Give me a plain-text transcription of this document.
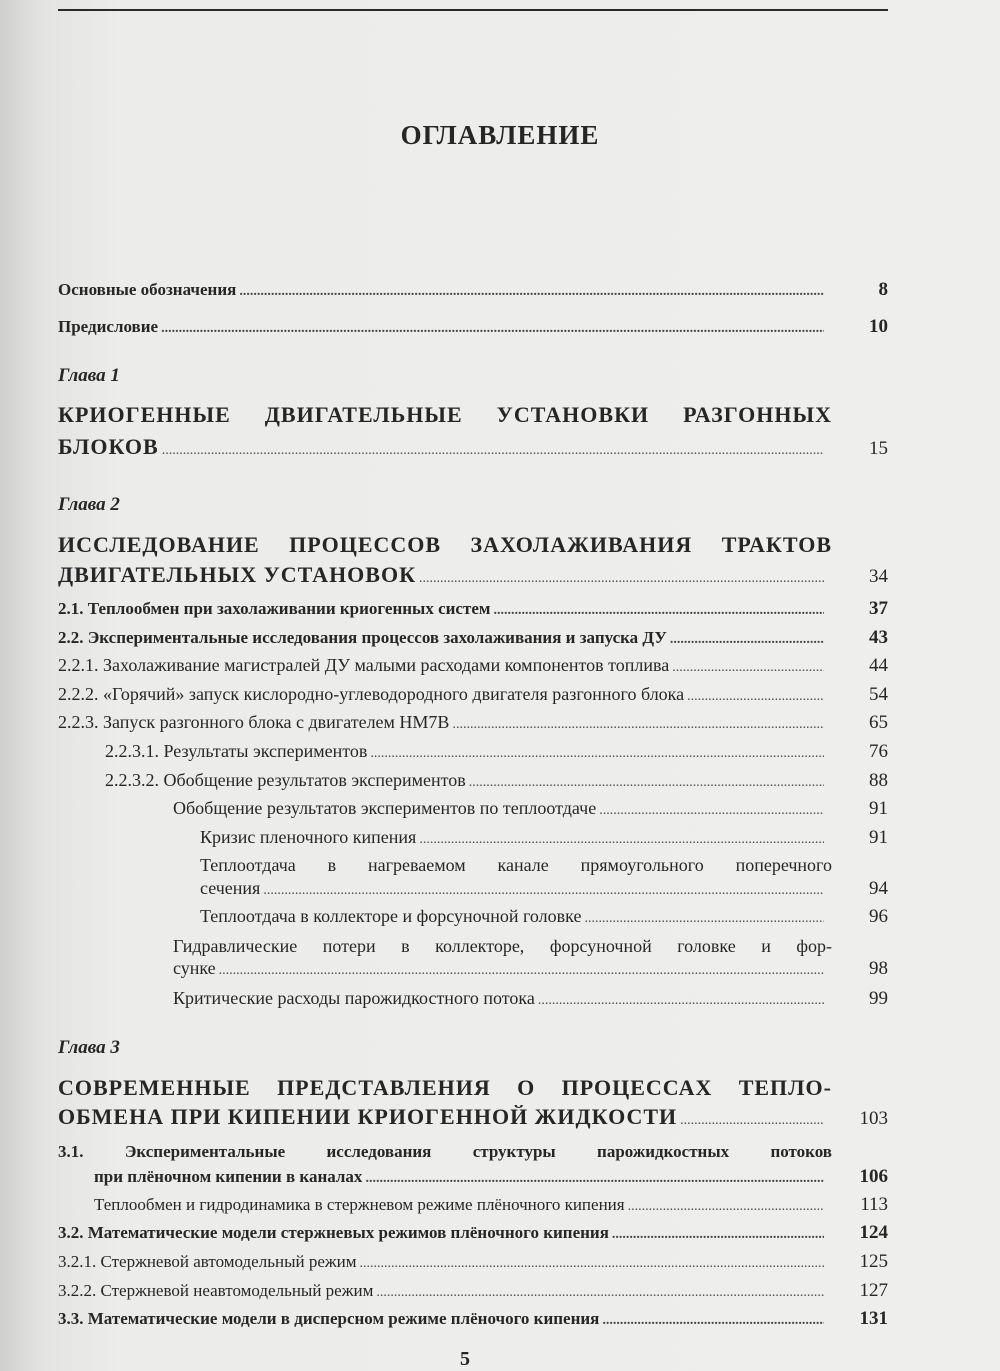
ОГЛАВЛЕНИЕ
Основные обозначения .....	8
Предисловие .....	10
Глава 1
КРИОГЕННЫЕ ДВИГАТЕЛЬНЫЕ УСТАНОВКИ РАЗГОННЫХ
БЛОКОВ .....	15
Глава 2
ИССЛЕДОВАНИЕ ПРОЦЕССОВ ЗАХОЛАЖИВАНИЯ ТРАКТОВ
ДВИГАТЕЛЬНЫХ УСТАНОВОК .....	34
2.1. Теплообмен при захолаживании криогенных систем .....	37
2.2. Экспериментальные исследования процессов захолаживания и запуска ДУ .....	43
2.2.1. Захолаживание магистралей ДУ малыми расходами компонентов топлива .....	44
2.2.2. «Горячий» запуск кислородно-углеводородного двигателя разгонного блока .....	54
2.2.3. Запуск разгонного блока с двигателем НМ7В .....	65
2.2.3.1. Результаты экспериментов .....	76
2.2.3.2. Обобщение результатов экспериментов .....	88
Обобщение результатов экспериментов по теплоотдаче .....	91
Кризис пленочного кипения .....	91
Теплоотдача в нагреваемом канале прямоугольного поперечного
сечения .....	94
Теплоотдача в коллекторе и форсуночной головке .....	96
Гидравлические потери в коллекторе, форсуночной головке и фор-
сунке .....	98
Критические расходы парожидкостного потока .....	99
Глава 3
СОВРЕМЕННЫЕ ПРЕДСТАВЛЕНИЯ О ПРОЦЕССАХ ТЕПЛО-
ОБМЕНА ПРИ КИПЕНИИ КРИОГЕННОЙ ЖИДКОСТИ .....	103
3.1. Экспериментальные исследования структуры парожидкостных потоков
при плёночном кипении в каналах .....	106
Теплообмен и гидродинамика в стержневом режиме плёночного кипения .....	113
3.2. Математические модели стержневых режимов плёночного кипения .....	124
3.2.1. Стержневой автомодельный режим .....	125
3.2.2. Стержневой неавтомодельный режим .....	127
3.3. Математические модели в дисперсном режиме плёночого кипения .....	131
5
